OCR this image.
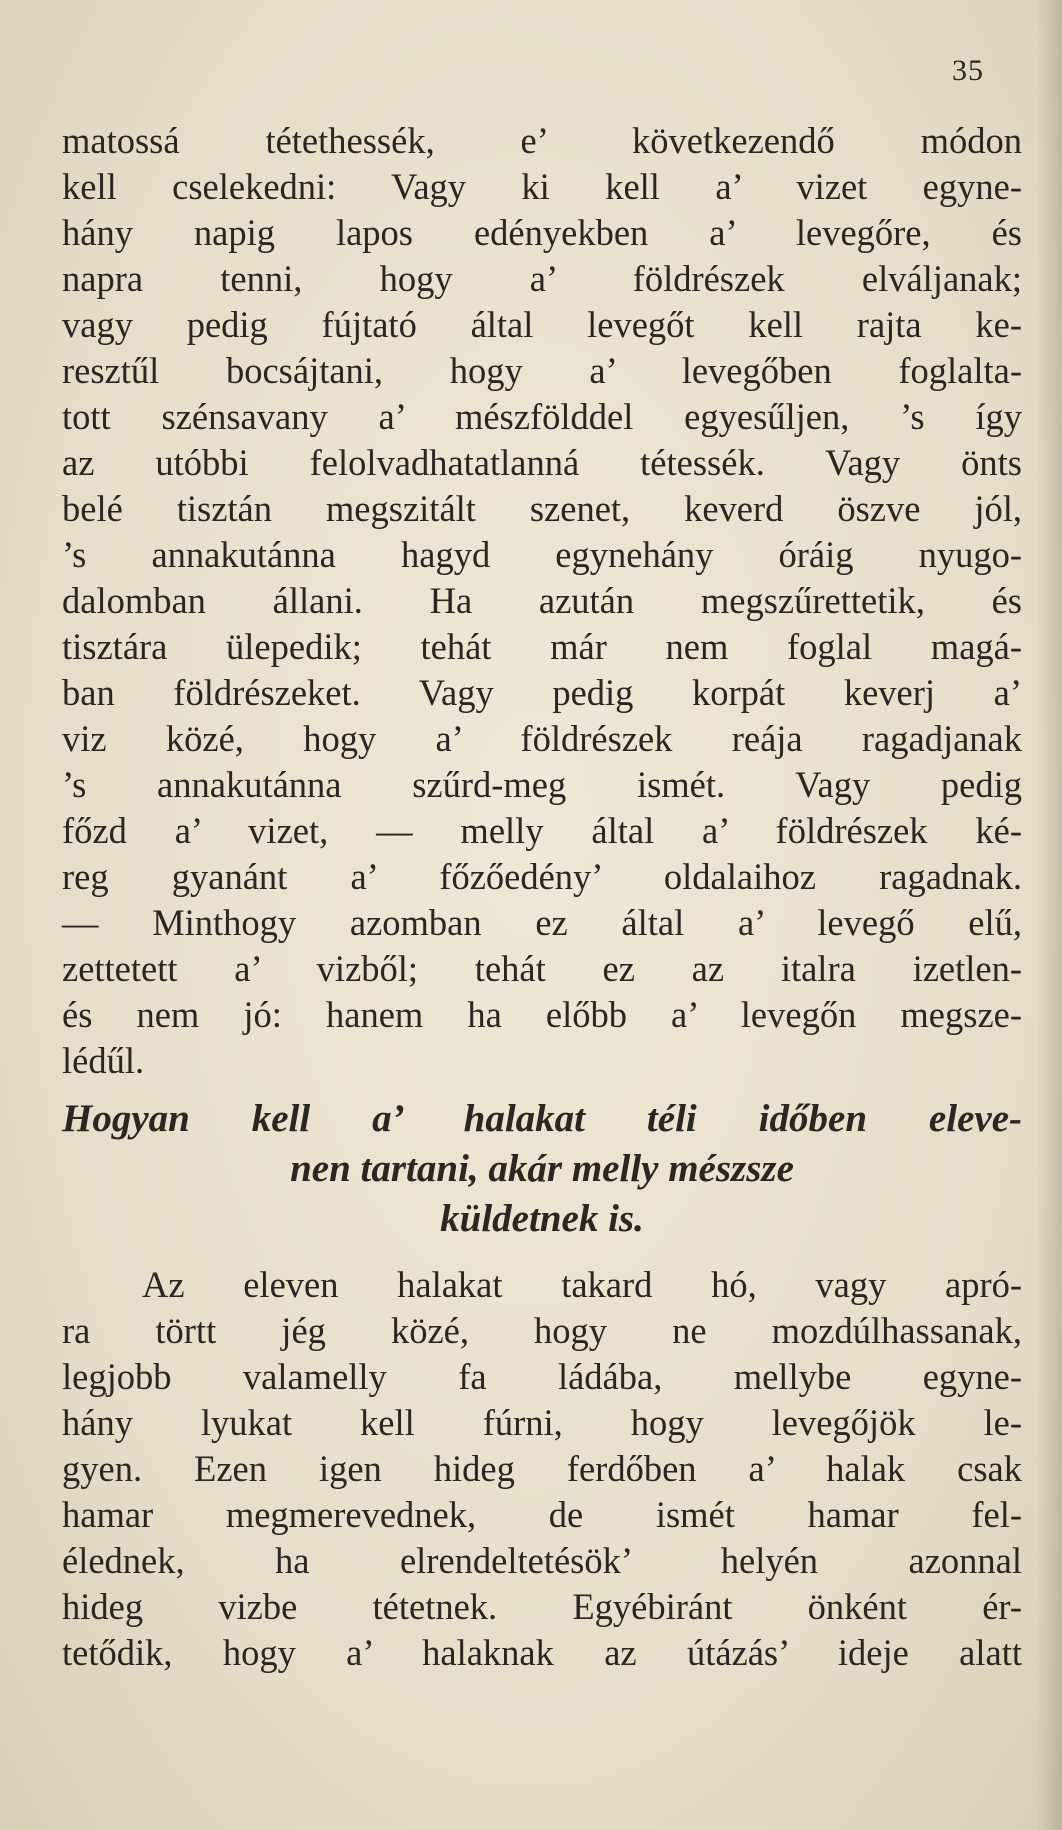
35
matossá tétethessék, e’ következendő módon
kell cselekedni: Vagy ki kell a’ vizet egyne-
hány napig lapos edényekben a’ levegőre, és
napra tenni, hogy a’ földrészek elváljanak;
vagy pedig fújtató által levegőt kell rajta ke-
resztűl bocsájtani, hogy a’ levegőben foglalta-
tott szénsavany a’ mészfölddel egyesűljen, ’s így
az utóbbi felolvadhatatlanná tétessék. Vagy önts
belé tisztán megszitált szenet, keverd öszve jól,
’s annakutánna hagyd egynehány óráig nyugo-
dalomban állani. Ha azután megszűrettetik, és
tisztára ülepedik; tehát már nem foglal magá-
ban földrészeket. Vagy pedig korpát keverj a’
viz közé, hogy a’ földrészek reája ragadjanak
’s annakutánna szűrd-meg ismét. Vagy pedig
főzd a’ vizet, — melly által a’ földrészek ké-
reg gyanánt a’ főzőedény’ oldalaihoz ragadnak.
— Minthogy azomban ez által a’ levegő elű,
zettetett a’ vizből; tehát ez az italra izetlen-
és nem jó: hanem ha előbb a’ levegőn megsze-
lédűl.
Hogyan kell a’ halakat téli időben eleve-
nen tartani, akár melly mészsze
küldetnek is.
Az eleven halakat takard hó, vagy apró-
ra törtt jég közé, hogy ne mozdúlhassanak,
legjobb valamelly fa ládába, mellybe egyne-
hány lyukat kell fúrni, hogy levegőjök le-
gyen. Ezen igen hideg ferdőben a’ halak csak
hamar megmerevednek, de ismét hamar fel-
élednek, ha elrendeltetésök’ helyén azonnal
hideg vizbe tétetnek. Egyébiránt önként ér-
tetődik, hogy a’ halaknak az útázás’ ideje alatt
